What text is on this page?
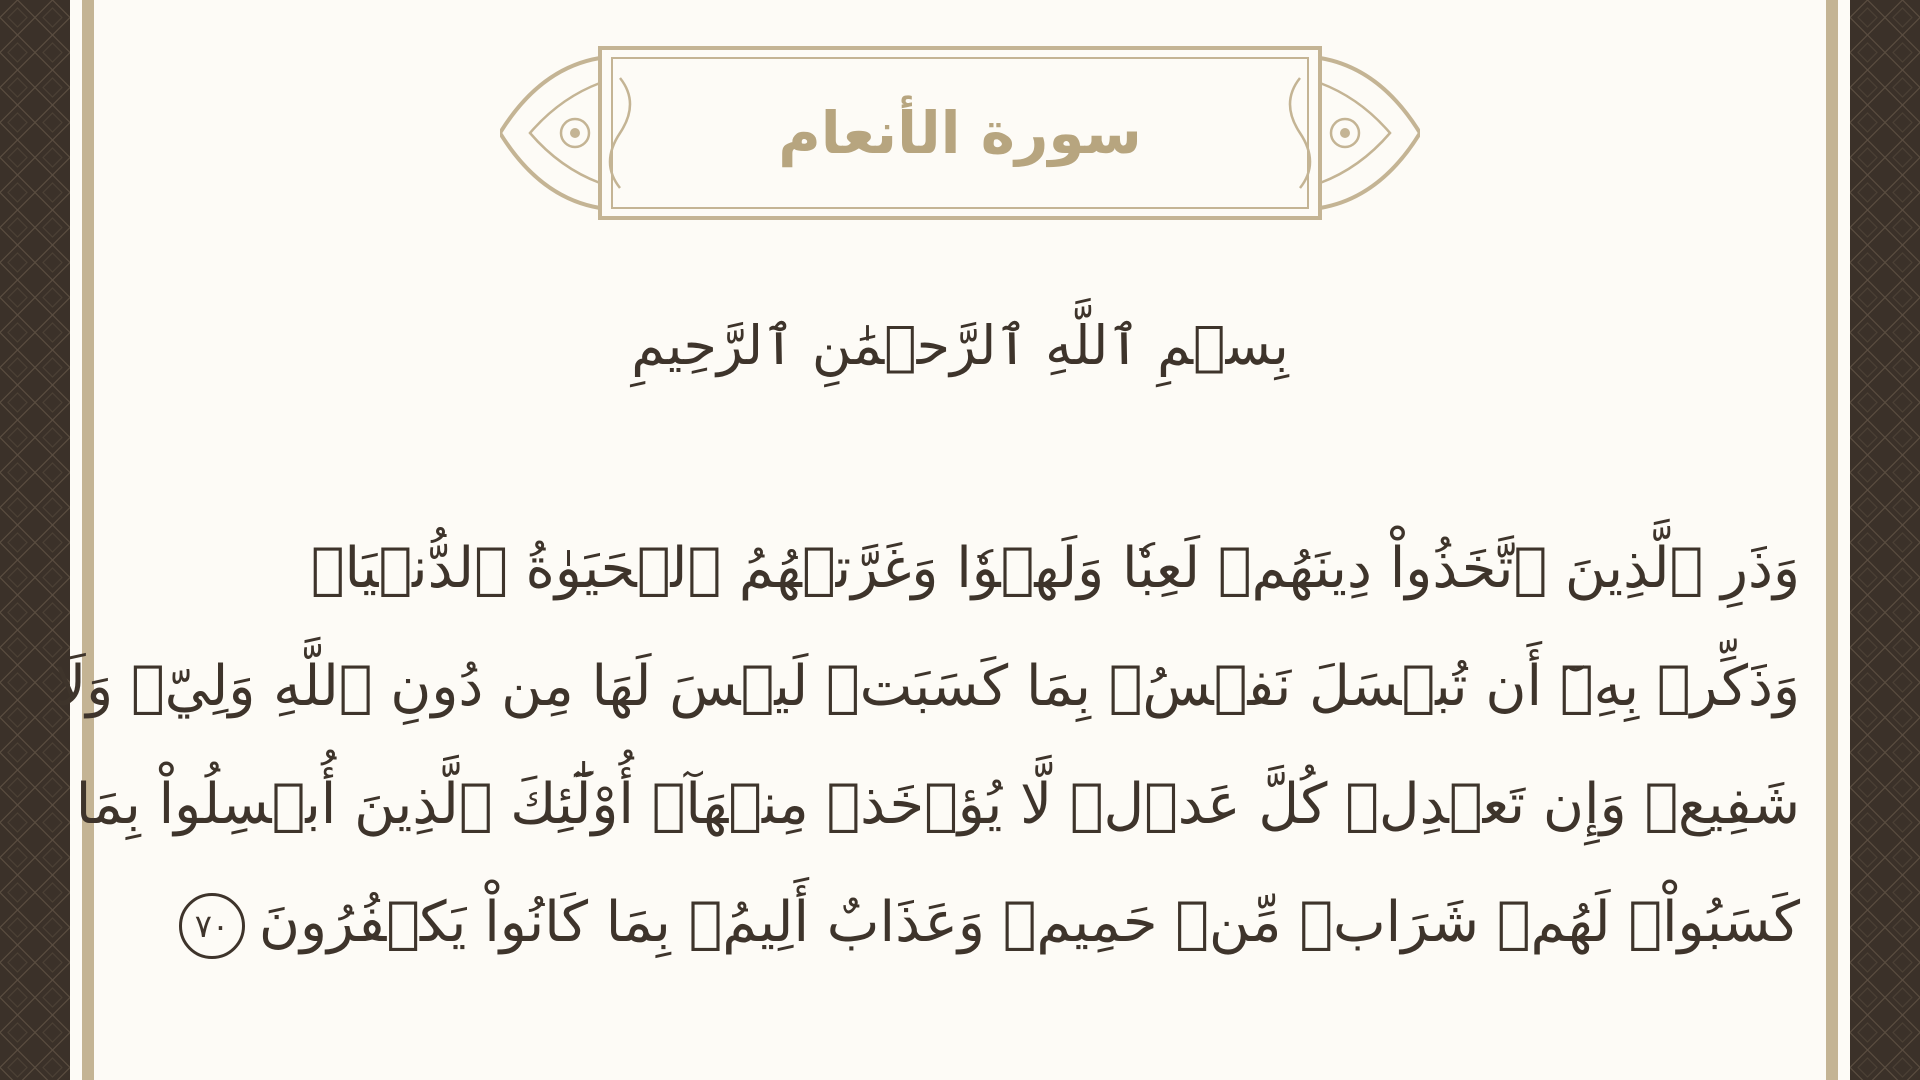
سورة الأنعام
بِسۡمِ ٱللَّهِ ٱلرَّحۡمَٰنِ ٱلرَّحِيمِ
وَذَرِ ٱلَّذِينَ ٱتَّخَذُواْ دِينَهُمۡ لَعِبٗا وَلَهۡوٗا وَغَرَّتۡهُمُ ٱلۡحَيَوٰةُ ٱلدُّنۡيَاۚ
وَذَكِّرۡ بِهِۦٓ أَن تُبۡسَلَ نَفۡسُۢ بِمَا كَسَبَتۡ لَيۡسَ لَهَا مِن دُونِ ٱللَّهِ وَلِيّٞ وَلَا
شَفِيعٞ وَإِن تَعۡدِلۡ كُلَّ عَدۡلٖ لَّا يُؤۡخَذۡ مِنۡهَآۗ أُوْلَٰٓئِكَ ٱلَّذِينَ أُبۡسِلُواْ بِمَا
كَسَبُواْۖ لَهُمۡ شَرَابٞ مِّنۡ حَمِيمٖ وَعَذَابٌ أَلِيمُۢ بِمَا كَانُواْ يَكۡفُرُونَ٧٠
